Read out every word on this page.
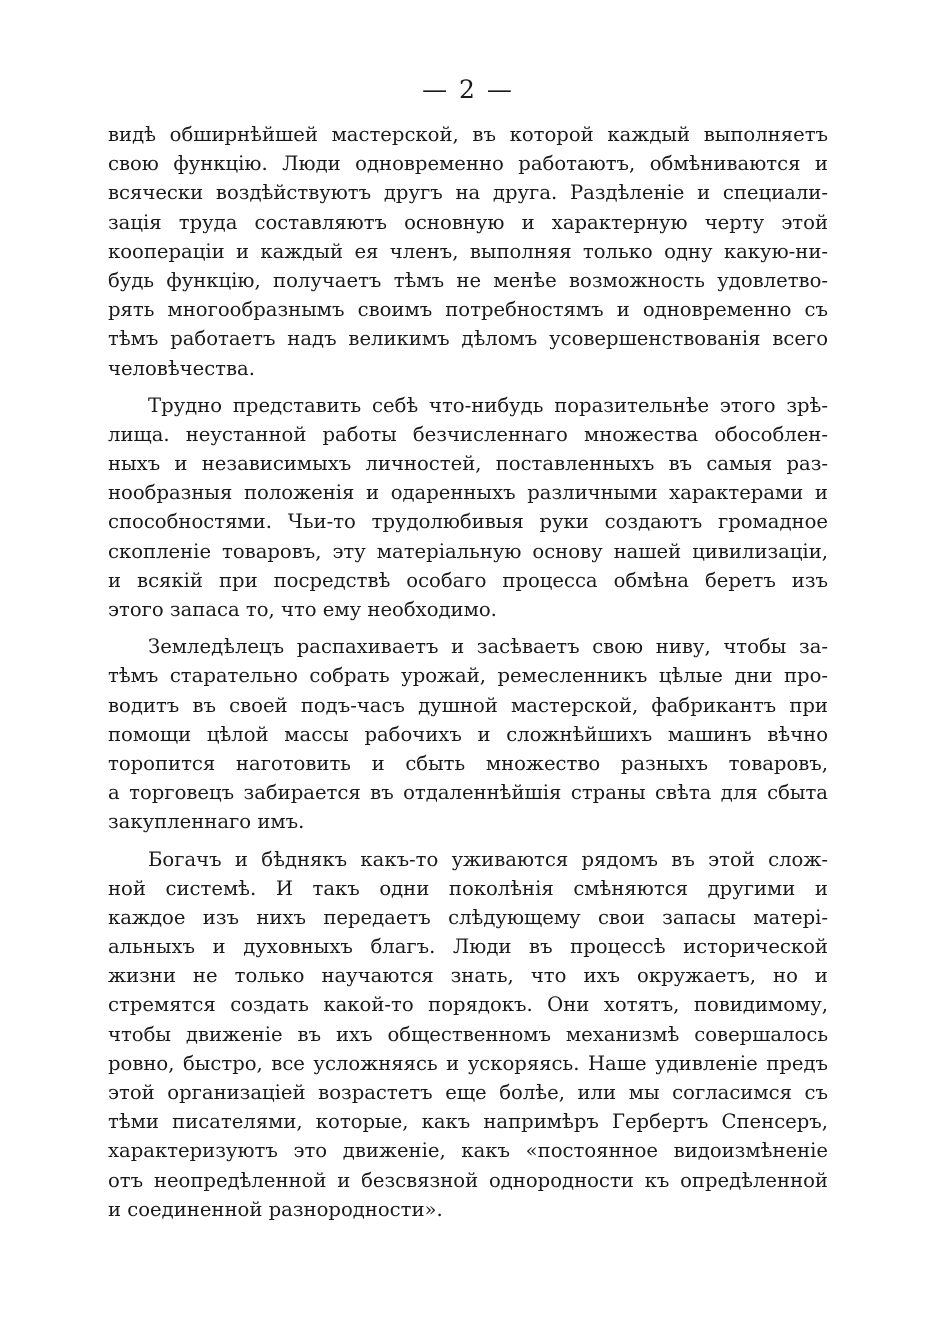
— 2 —
видѣ обширнѣйшей мастерской, въ которой каждый выполняетъ
свою функцію. Люди одновременно работаютъ, обмѣниваются и
всячески воздѣйствуютъ другъ на друга. Раздѣленіе и специали-
зація труда составляютъ основную и характерную черту этой
коопераціи и каждый ея членъ, выполняя только одну какую-ни-
будь функцію, получаетъ тѣмъ не менѣе возможность удовлетво-
рять многообразнымъ своимъ потребностямъ и одновременно съ
тѣмъ работаетъ надъ великимъ дѣломъ усовершенствованія всего
человѣчества.
Трудно представить себѣ что-нибудь поразительнѣе этого зрѣ-
лища. неустанной работы безчисленнаго множества обособлен-
ныхъ и независимыхъ личностей, поставленныхъ въ самыя раз-
нообразныя положенія и одаренныхъ различными характерами и
способностями. Чьи-то трудолюбивыя руки создаютъ громадное
скопленіе товаровъ, эту матеріальную основу нашей цивилизаціи,
и всякій при посредствѣ особаго процесса обмѣна беретъ изъ
этого запаса то, что ему необходимо.
Земледѣлецъ распахиваетъ и засѣваетъ свою ниву, чтобы за-
тѣмъ старательно собрать урожай, ремесленникъ цѣлые дни про-
водитъ въ своей подъ-часъ душной мастерской, фабрикантъ при
помощи цѣлой массы рабочихъ и сложнѣйшихъ машинъ вѣчно
торопится наготовить и сбыть множество разныхъ товаровъ,
а торговецъ забирается въ отдаленнѣйшія страны свѣта для сбыта
закупленнаго имъ.
Богачъ и бѣднякъ какъ-то уживаются рядомъ въ этой слож-
ной системѣ. И такъ одни поколѣнія смѣняются другими и
каждое изъ нихъ передаетъ слѣдующему свои запасы матері-
альныхъ и духовныхъ благъ. Люди въ процессѣ исторической
жизни не только научаются знать, что ихъ окружаетъ, но и
стремятся создать какой-то порядокъ. Они хотятъ, повидимому,
чтобы движеніе въ ихъ общественномъ механизмѣ совершалось
ровно, быстро, все усложняясь и ускоряясь. Наше удивленіе предъ
этой организаціей возрастетъ еще болѣе, или мы согласимся съ
тѣми писателями, которые, какъ напримѣръ Гербертъ Спенсеръ,
характеризуютъ это движеніе, какъ «постоянное видоизмѣненіе
отъ неопредѣленной и безсвязной однородности къ опредѣленной
и соединенной разнородности».
